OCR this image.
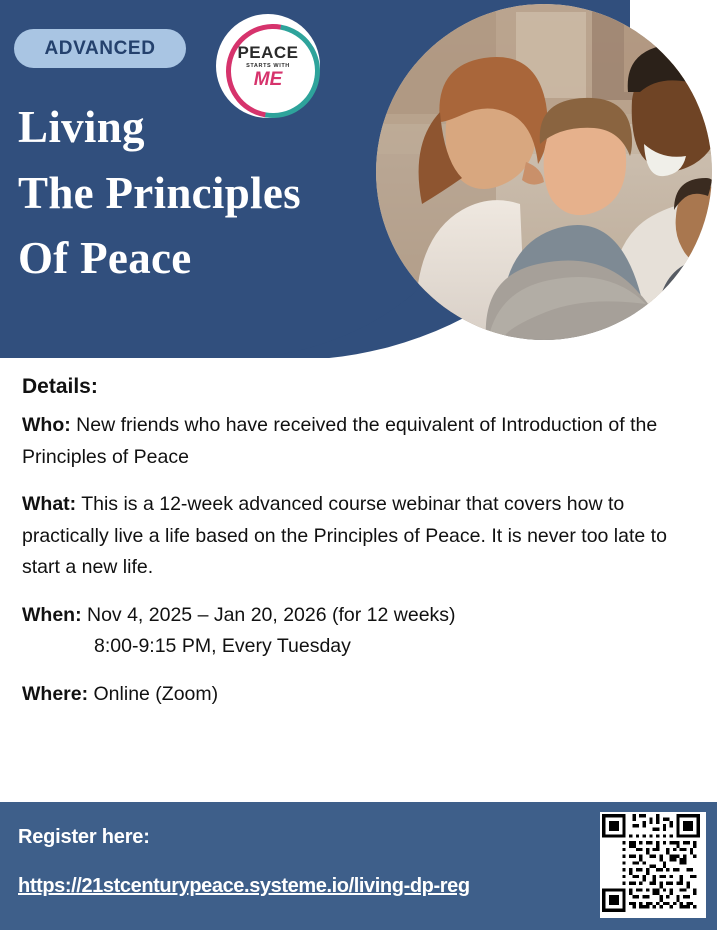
ADVANCED	PEACE
STARTS WITH
ME
Living
The Principles
Of Peace
Details:
Who: New friends who have received the equivalent of Introduction of the Principles of Peace
What: This is a 12-week advanced course webinar that covers how to practically live a life based on the Principles of Peace. It is never too late to start a new life.
When: Nov 4, 2025 – Jan 20, 2026 (for 12 weeks)
8:00-9:15 PM, Every Tuesday
Where: Online (Zoom)
Register here:
https://21stcenturypeace.systeme.io/living-dp-reg
